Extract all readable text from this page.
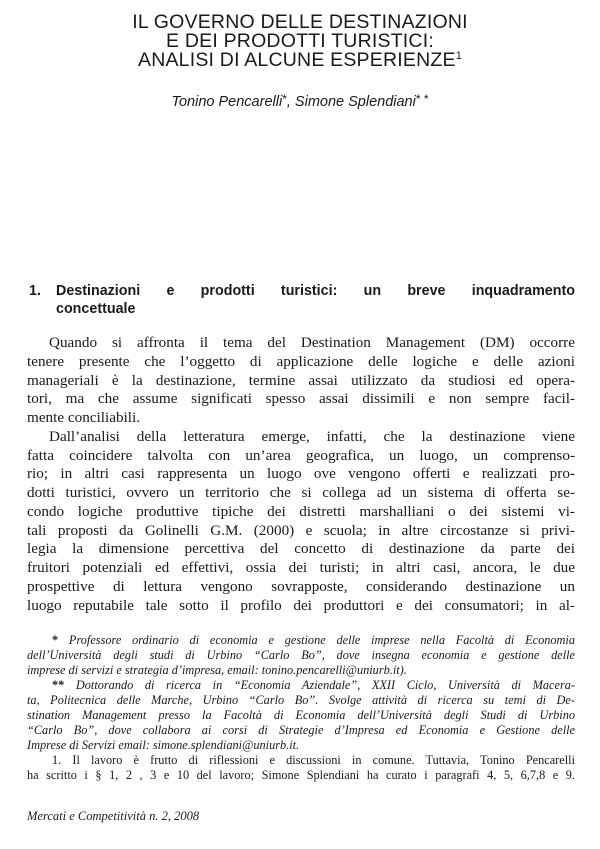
IL GOVERNO DELLE DESTINAZIONI
E DEI PRODOTTI TURISTICI:
ANALISI DI ALCUNE ESPERIENZE$^1$
Tonino Pencarelli*, Simone Splendiani* *
1. Destinazioni e prodotti turistici: un breve inquadramento
concettuale
Quando si affronta il tema del Destination Management (DM) occorre
tenere presente che l’oggetto di applicazione delle logiche e delle azioni
manageriali è la destinazione, termine assai utilizzato da studiosi ed opera-
tori, ma che assume significati spesso assai dissimili e non sempre facil-
mente conciliabili.
Dall’analisi della letteratura emerge, infatti, che la destinazione viene
fatta coincidere talvolta con un’area geografica, un luogo, un comprenso-
rio; in altri casi rappresenta un luogo ove vengono offerti e realizzati pro-
dotti turistici, ovvero un territorio che si collega ad un sistema di offerta se-
condo logiche produttive tipiche dei distretti marshalliani o dei sistemi vi-
tali proposti da Golinelli G.M. (2000) e scuola; in altre circostanze si privi-
legia la dimensione percettiva del concetto di destinazione da parte dei
fruitori potenziali ed effettivi, ossia dei turisti; in altri casi, ancora, le due
prospettive di lettura vengono sovrapposte, considerando destinazione un
luogo reputabile tale sotto il profilo dei produttori e dei consumatori; in al-
* Professore ordinario di economia e gestione delle imprese nella Facoltà di Economia
dell’Università degli studi di Urbino “Carlo Bo”, dove insegna economia e gestione delle
imprese di servizi e strategia d’impresa, email: tonino.pencarelli@uniurb.it).
** Dottorando di ricerca in “Economia Aziendale”, XXII Ciclo, Università di Macera-
ta, Politecnica delle Marche, Urbino “Carlo Bo”. Svolge attività di ricerca su temi di De-
stination Management presso la Facoltà di Economia dell’Università degli Studi di Urbino
“Carlo Bo”, dove collabora ai corsi di Strategie d’Impresa ed Economia e Gestione delle
Imprese di Servizi email: simone.splendiani@uniurb.it.
1. Il lavoro è frutto di riflessioni e discussioni in comune. Tuttavia, Tonino Pencarelli
ha scritto i § 1, 2 , 3 e 10 del lavoro; Simone Splendiani ha curato i paragrafi 4, 5, 6,7,8 e 9.
Mercati e Competitività n. 2, 2008
